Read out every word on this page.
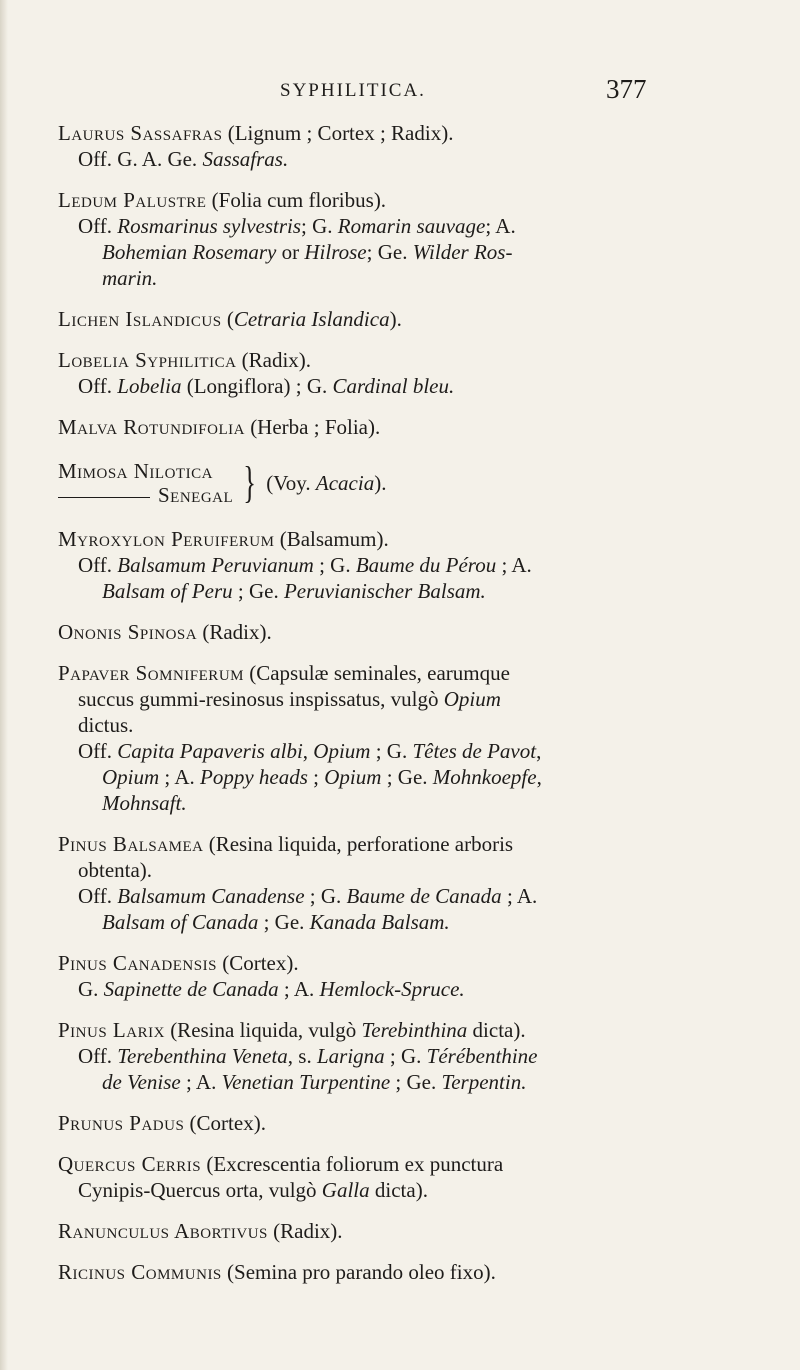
SYPHILITICA.	377

Laurus Sassafras (Lignum ; Cortex ; Radix).

Off. G. A. Ge. Sassafras.

Ledum Palustre (Folia cum floribus).

Off. Rosmarinus sylvestris; G. Romarin sauvage; A.

Bohemian Rosemary or Hilrose; Ge. Wilder Ros-

marin.

Lichen Islandicus (Cetraria Islandica).

Lobelia Syphilitica (Radix).

Off. Lobelia (Longiflora) ; G. Cardinal bleu.

Malva Rotundifolia (Herba ; Folia).

Mimosa Nilotica
Senegal } (Voy. Acacia).

Myroxylon Peruiferum (Balsamum).

Off. Balsamum Peruvianum ; G. Baume du Pérou ; A.

Balsam of Peru ; Ge. Peruvianischer Balsam.

Ononis Spinosa (Radix).

Papaver Somniferum (Capsulæ seminales, earumque

succus gummi-resinosus inspissatus, vulgò Opium

dictus.

Off. Capita Papaveris albi, Opium ; G. Têtes de Pavot,

Opium ; A. Poppy heads ; Opium ; Ge. Mohnkoepfe,

Mohnsaft.

Pinus Balsamea (Resina liquida, perforatione arboris

obtenta).

Off. Balsamum Canadense ; G. Baume de Canada ; A.

Balsam of Canada ; Ge. Kanada Balsam.

Pinus Canadensis (Cortex).

G. Sapinette de Canada ; A. Hemlock-Spruce.

Pinus Larix (Resina liquida, vulgò Terebinthina dicta).

Off. Terebenthina Veneta, s. Larigna ; G. Térébenthine

de Venise ; A. Venetian Turpentine ; Ge. Terpentin.

Prunus Padus (Cortex).

Quercus Cerris (Excrescentia foliorum ex punctura

Cynipis-Quercus orta, vulgò Galla dicta).

Ranunculus Abortivus (Radix).

Ricinus Communis (Semina pro parando oleo fixo).
